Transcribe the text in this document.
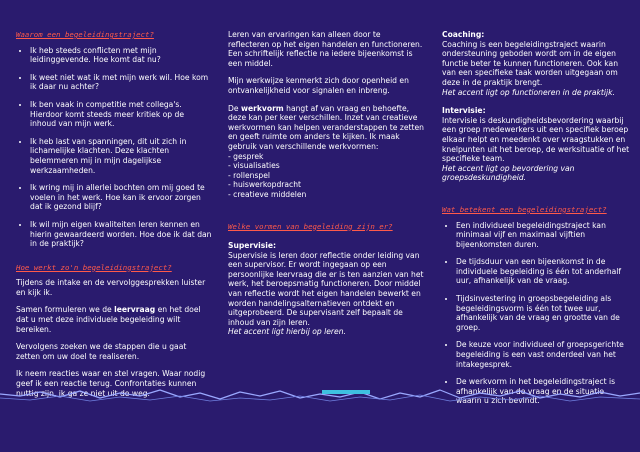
Waarom een begeleidingstraject?
• Ik heb steeds conflicten met mijn leidinggevende. Hoe komt dat nu?
• Ik weet niet wat ik met mijn werk wil. Hoe kom ik daar nu achter?
• Ik ben vaak in competitie met collega's. Hierdoor komt steeds meer kritiek op de inhoud van mijn werk.
• Ik heb last van spanningen, dit uit zich in lichamelijke klachten. Deze klachten belemmeren mij in mijn dagelijkse werkzaamheden.
• Ik wring mij in allerlei bochten om mij goed te voelen in het werk. Hoe kan ik ervoor zorgen dat ik gezond blijf?
• Ik wil mijn eigen kwaliteiten leren kennen en hierin gewaardeerd worden. Hoe doe ik dat dan in de praktijk?
Hoe werkt zo'n begeleidingstraject?

Tijdens de intake en de vervolggesprekken luister en kijk ik.

Samen formuleren we de leervraag en het doel dat u met deze individuele begeleiding wilt bereiken.

Vervolgens zoeken we de stappen die u gaat zetten om uw doel te realiseren.

Ik neem reacties waar en stel vragen. Waar nodig geef ik een reactie terug. Confrontaties kunnen nuttig zijn, ik ga ze niet uit de weg.

Leren van ervaringen kan alleen door te reflecteren op het eigen handelen en functioneren. Een schriftelijk reflectie na iedere bijeenkomst is een middel.

Mijn werkwijze kenmerkt zich door openheid en ontvankelijkheid voor signalen en inbreng.

De werkvorm hangt af van vraag en behoefte, deze kan per keer verschillen. Inzet van creatieve werkvormen kan helpen veranderstappen te zetten en geeft ruimte om anders te kijken. Ik maak gebruik van verschillende werkvormen:

- gesprek
- visualisaties
- rollenspel
- huiswerkopdracht
- creatieve middelen
Welke vormen van begeleiding zijn er?
Supervisie:
Supervisie is leren door reflectie onder leiding van een supervisor. Er wordt ingegaan op een persoonlijke leervraag die er is ten aanzien van het werk, het beroepsmatig functioneren. Door middel van reflectie wordt het eigen handelen bewerkt en worden handelingsalternatieven ontdekt en uitgeprobeerd. De supervisant zelf bepaalt de inhoud van zijn leren.
Het accent ligt hierbij op leren.
Coaching:
Coaching is een begeleidingstraject waarin ondersteuning geboden wordt om in de eigen functie beter te kunnen functioneren. Ook kan van een specifieke taak worden uitgegaan om deze in de praktijk brengt.
Het accent ligt op functioneren in de praktijk.
Intervisie:
Intervisie is deskundigheidsbevordering waarbij een groep medewerkers uit een specifiek beroep elkaar helpt en meedenkt over vraagstukken en knelpunten uit het beroep, de werksituatie of het specifieke team.
Het accent ligt op bevordering van groepsdeskundigheid.
Wat betekent een begeleidingstraject?
• Een individueel begeleidingstraject kan minimaal vijf en maximaal vijftien bijeenkomsten duren.
• De tijdsduur van een bijeenkomst in de individuele begeleiding is één tot anderhalf uur, afhankelijk van de vraag.
• Tijdsinvestering in groepsbegeleiding als begeleidingsvorm is één tot twee uur, afhankelijk van de vraag en grootte van de groep.
• De keuze voor individueel of groepsgerichte begeleiding is een vast onderdeel van het intakegesprek.
• De werkvorm in het begeleidingstraject is afhankelijk van de vraag en de situatie waarin u zich bevindt.
